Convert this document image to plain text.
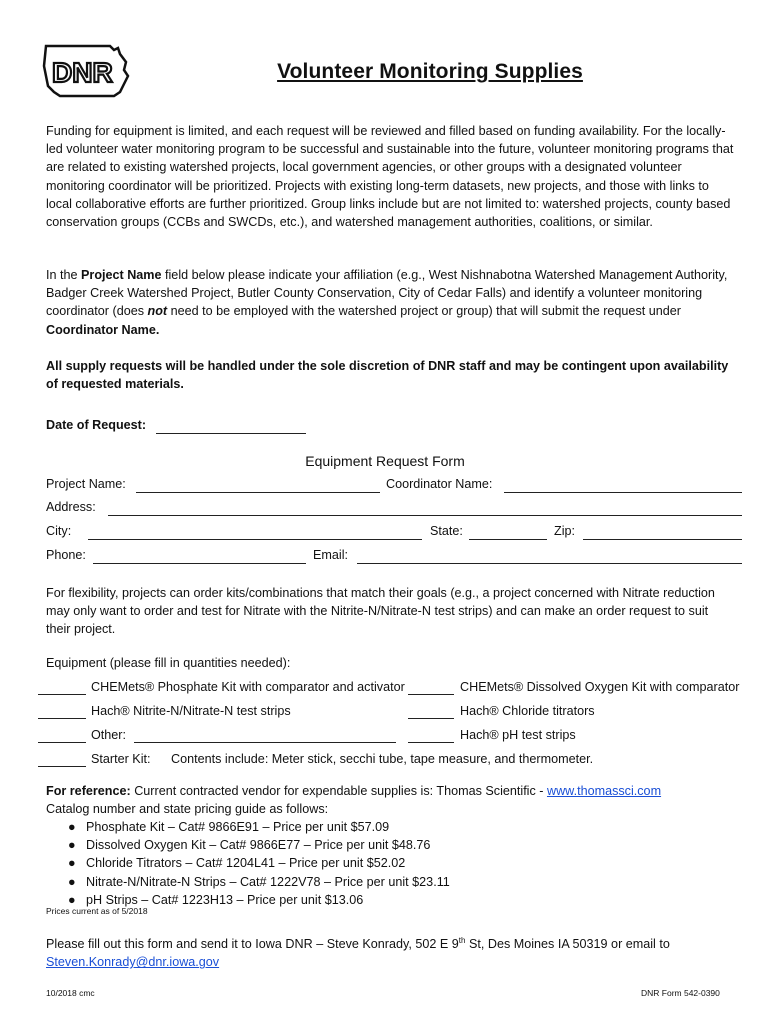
DNR	Volunteer Monitoring Supplies
Funding for equipment is limited, and each request will be reviewed and filled based on funding availability. For the locally-led volunteer water monitoring program to be successful and sustainable into the future, volunteer monitoring programs that are related to existing watershed projects, local government agencies, or other groups with a designated volunteer monitoring coordinator will be prioritized. Projects with existing long-term datasets, new projects, and those with links to local collaborative efforts are further prioritized. Group links include but are not limited to: watershed projects, county based conservation groups (CCBs and SWCDs, etc.), and watershed management authorities, coalitions, or similar.
In the Project Name field below please indicate your affiliation (e.g., West Nishnabotna Watershed Management Authority, Badger Creek Watershed Project, Butler County Conservation, City of Cedar Falls) and identify a volunteer monitoring coordinator (does not need to be employed with the watershed project or group) that will submit the request under Coordinator Name.
All supply requests will be handled under the sole discretion of DNR staff and may be contingent upon availability of requested materials.
Date of Request:
Equipment Request Form
Project Name:	Coordinator Name:
Address:
City:	State:	Zip:
Phone:	Email:
For flexibility, projects can order kits/combinations that match their goals (e.g., a project concerned with Nitrate reduction may only want to order and test for Nitrate with the Nitrite-N/Nitrate-N test strips) and can make an order request to suit their project.
Equipment (please fill in quantities needed):
CHEMets® Phosphate Kit with comparator and activator	CHEMets® Dissolved Oxygen Kit with comparator
Hach® Nitrite-N/Nitrate-N test strips	Hach® Chloride titrators
Other:	Hach® pH test strips
Starter Kit: Contents include: Meter stick, secchi tube, tape measure, and thermometer.
For reference: Current contracted vendor for expendable supplies is: Thomas Scientific - www.thomassci.com
Catalog number and state pricing guide as follows:
● Phosphate Kit – Cat# 9866E91 – Price per unit $57.09
● Dissolved Oxygen Kit – Cat# 9866E77 – Price per unit $48.76
● Chloride Titrators – Cat# 1204L41 – Price per unit $52.02
● Nitrate-N/Nitrate-N Strips – Cat# 1222V78 – Price per unit $23.11
● pH Strips – Cat# 1223H13 – Price per unit $13.06
Prices current as of 5/2018
Please fill out this form and send it to Iowa DNR – Steve Konrady, 502 E 9th St, Des Moines IA 50319 or email to
Steven.Konrady@dnr.iowa.gov
10/2018 cmc	DNR Form 542-0390
